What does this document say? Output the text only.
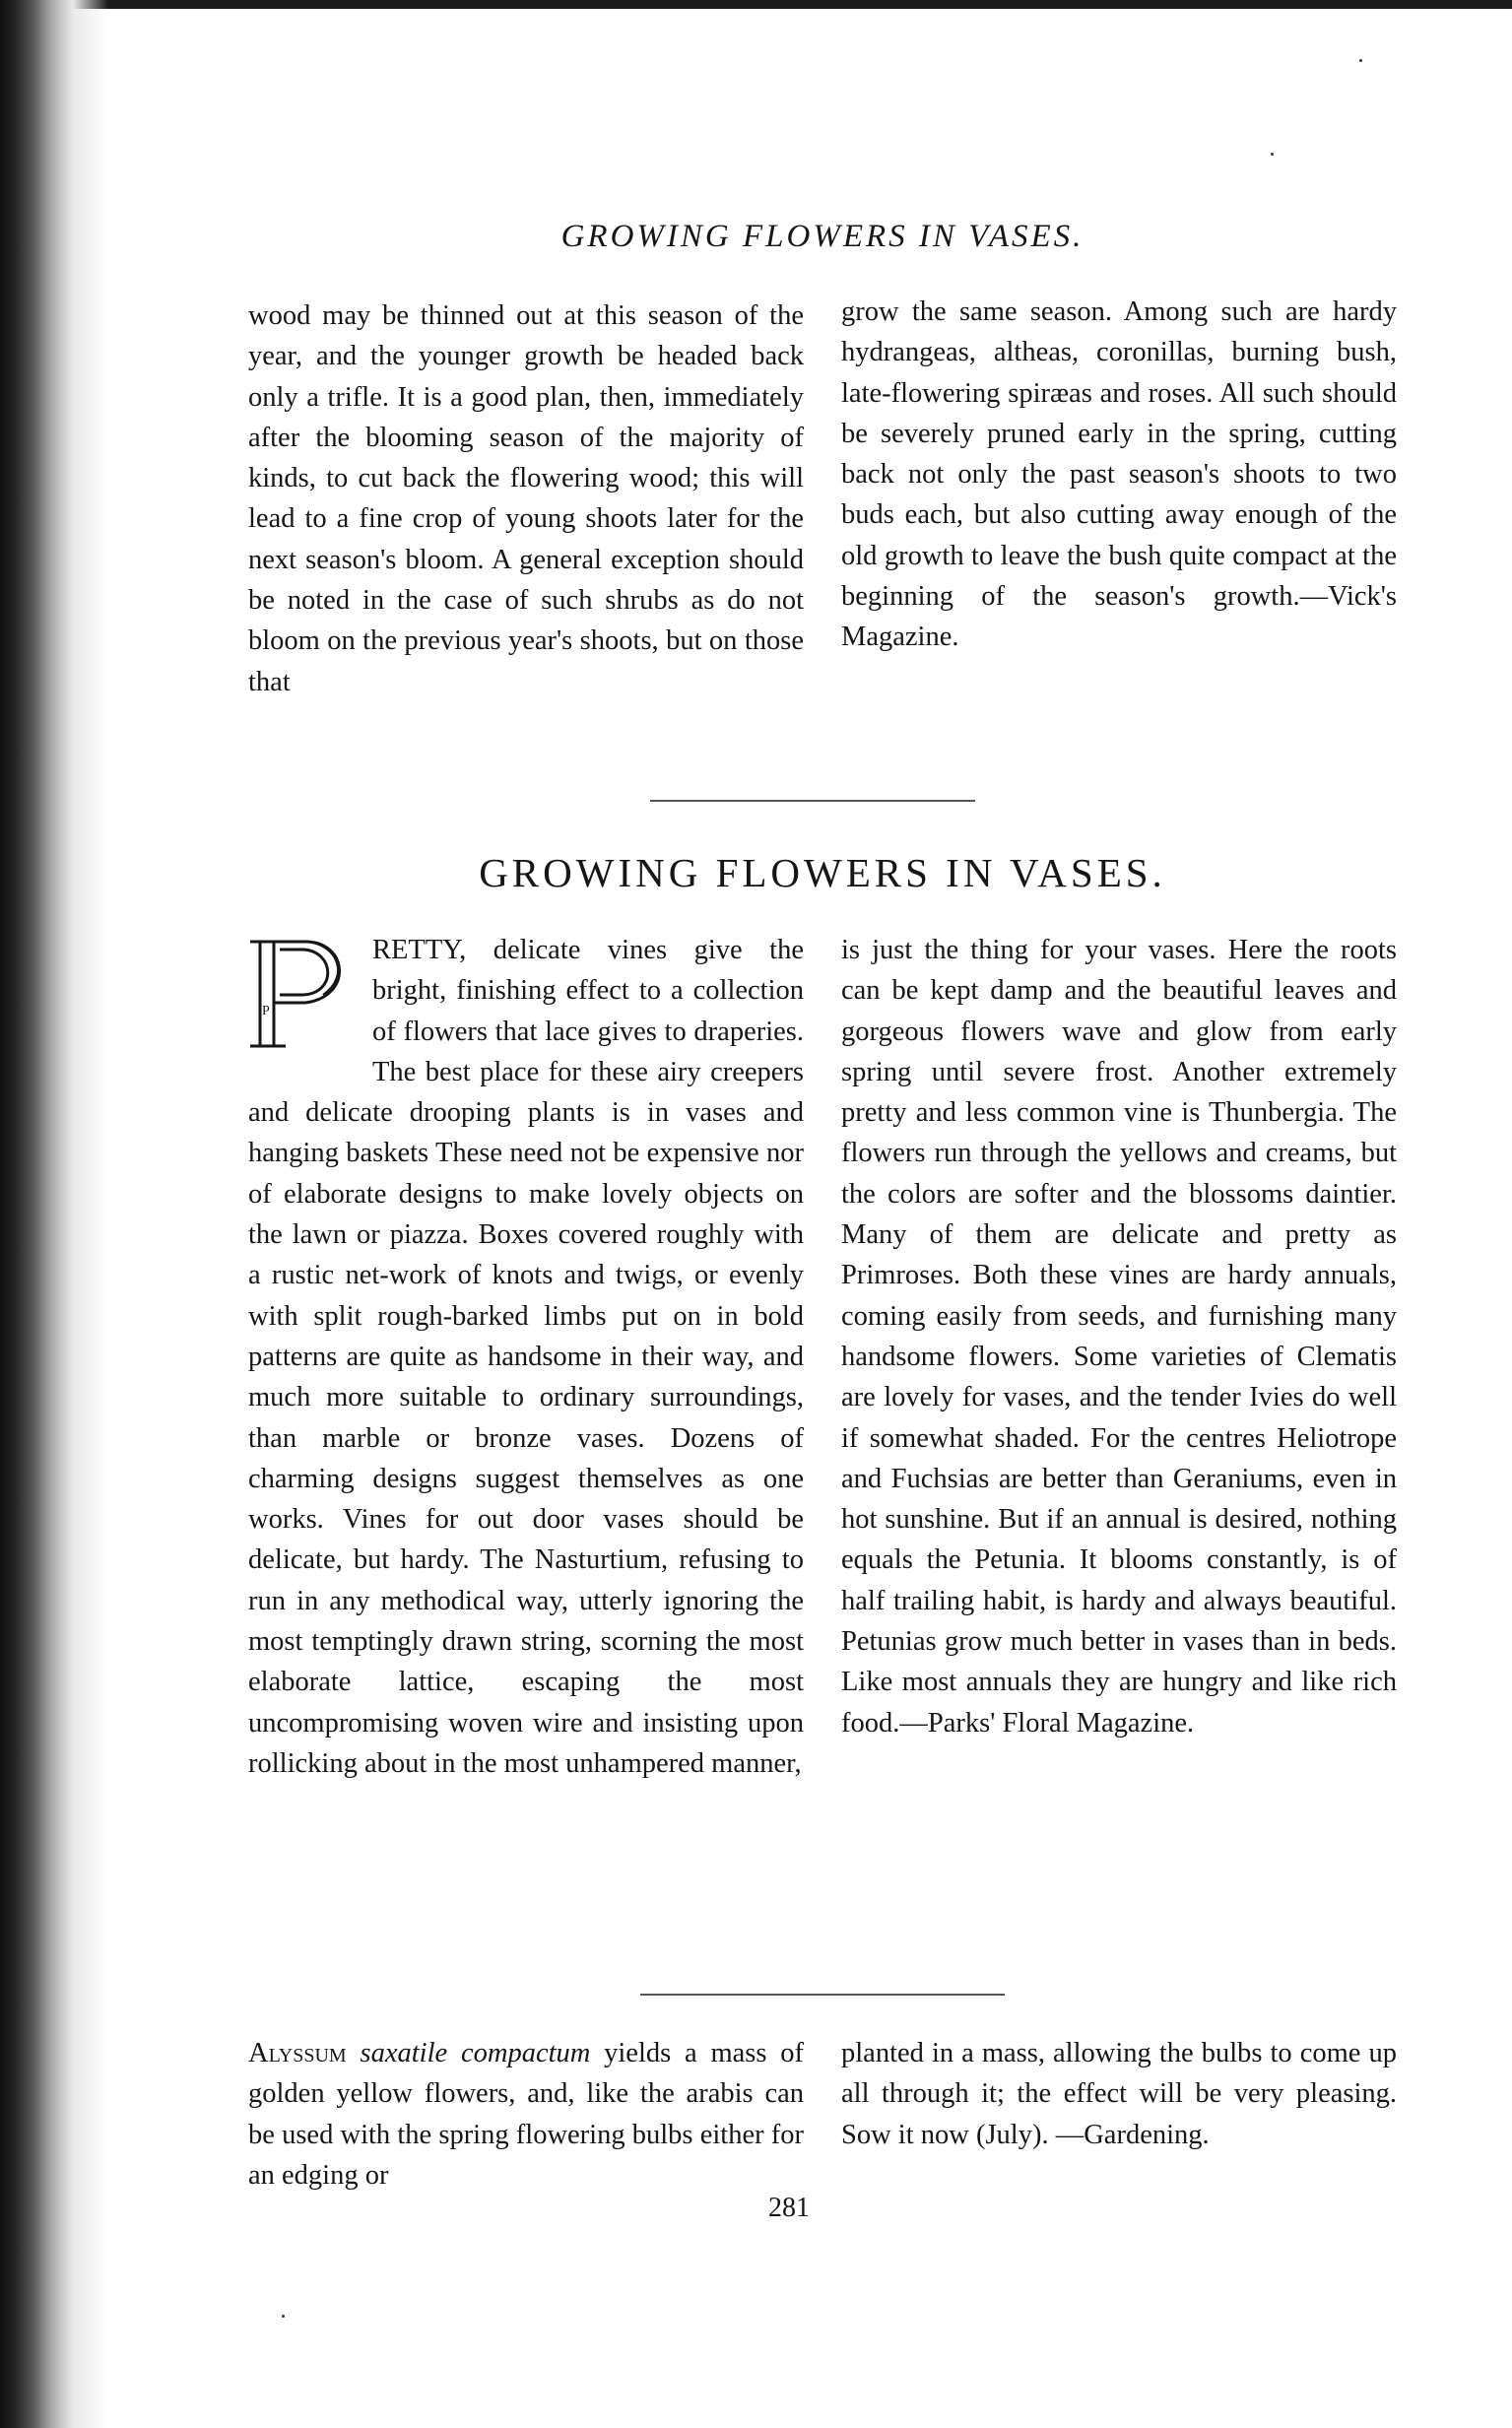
GROWING FLOWERS IN VASES.

wood may be thinned out at this season of the year, and the younger growth be headed back only a trifle. It is a good plan, then, immediately after the blooming season of the majority of kinds, to cut back the flowering wood; this will lead to a fine crop of young shoots later for the next season's bloom. A general exception should be noted in the case of such shrubs as do not bloom on the previous year's shoots, but on those that

grow the same season. Among such are hardy hydrangeas, altheas, coronillas, burning bush, late-flowering spiræas and roses. All such should be severely pruned early in the spring, cutting back not only the past season's shoots to two buds each, but also cutting away enough of the old growth to leave the bush quite compact at the beginning of the season's growth.—Vick's Magazine.

GROWING FLOWERS IN VASES.
P

RETTY, delicate vines give the bright, finishing effect to a collection of flowers that lace gives to draperies. The best place for these airy creepers and delicate drooping plants is in vases and hanging baskets These need not be expensive nor of elaborate designs to make lovely objects on the lawn or piazza. Boxes covered roughly with a rustic net-work of knots and twigs, or evenly with split rough-barked limbs put on in bold patterns are quite as handsome in their way, and much more suitable to ordinary surroundings, than marble or bronze vases. Dozens of charming designs suggest themselves as one works. Vines for out door vases should be delicate, but hardy. The Nasturtium, refusing to run in any methodical way, utterly ignoring the most temptingly drawn string, scorning the most elaborate lattice, escaping the most uncompromising woven wire and insisting upon rollicking about in the most unhampered manner,

is just the thing for your vases. Here the roots can be kept damp and the beautiful leaves and gorgeous flowers wave and glow from early spring until severe frost. Another extremely pretty and less common vine is Thunbergia. The flowers run through the yellows and creams, but the colors are softer and the blossoms daintier. Many of them are delicate and pretty as Primroses. Both these vines are hardy annuals, coming easily from seeds, and furnishing many handsome flowers. Some varieties of Clematis are lovely for vases, and the tender Ivies do well if somewhat shaded. For the centres Heliotrope and Fuchsias are better than Geraniums, even in hot sunshine. But if an annual is desired, nothing equals the Petunia. It blooms constantly, is of half trailing habit, is hardy and always beautiful. Petunias grow much better in vases than in beds. Like most annuals they are hungry and like rich food.—Parks' Floral Magazine.

Alyssum saxatile compactum yields a mass of golden yellow flowers, and, like the arabis can be used with the spring flowering bulbs either for an edging or

planted in a mass, allowing the bulbs to come up all through it; the effect will be very pleasing. Sow it now (July). —Gardening.

281
